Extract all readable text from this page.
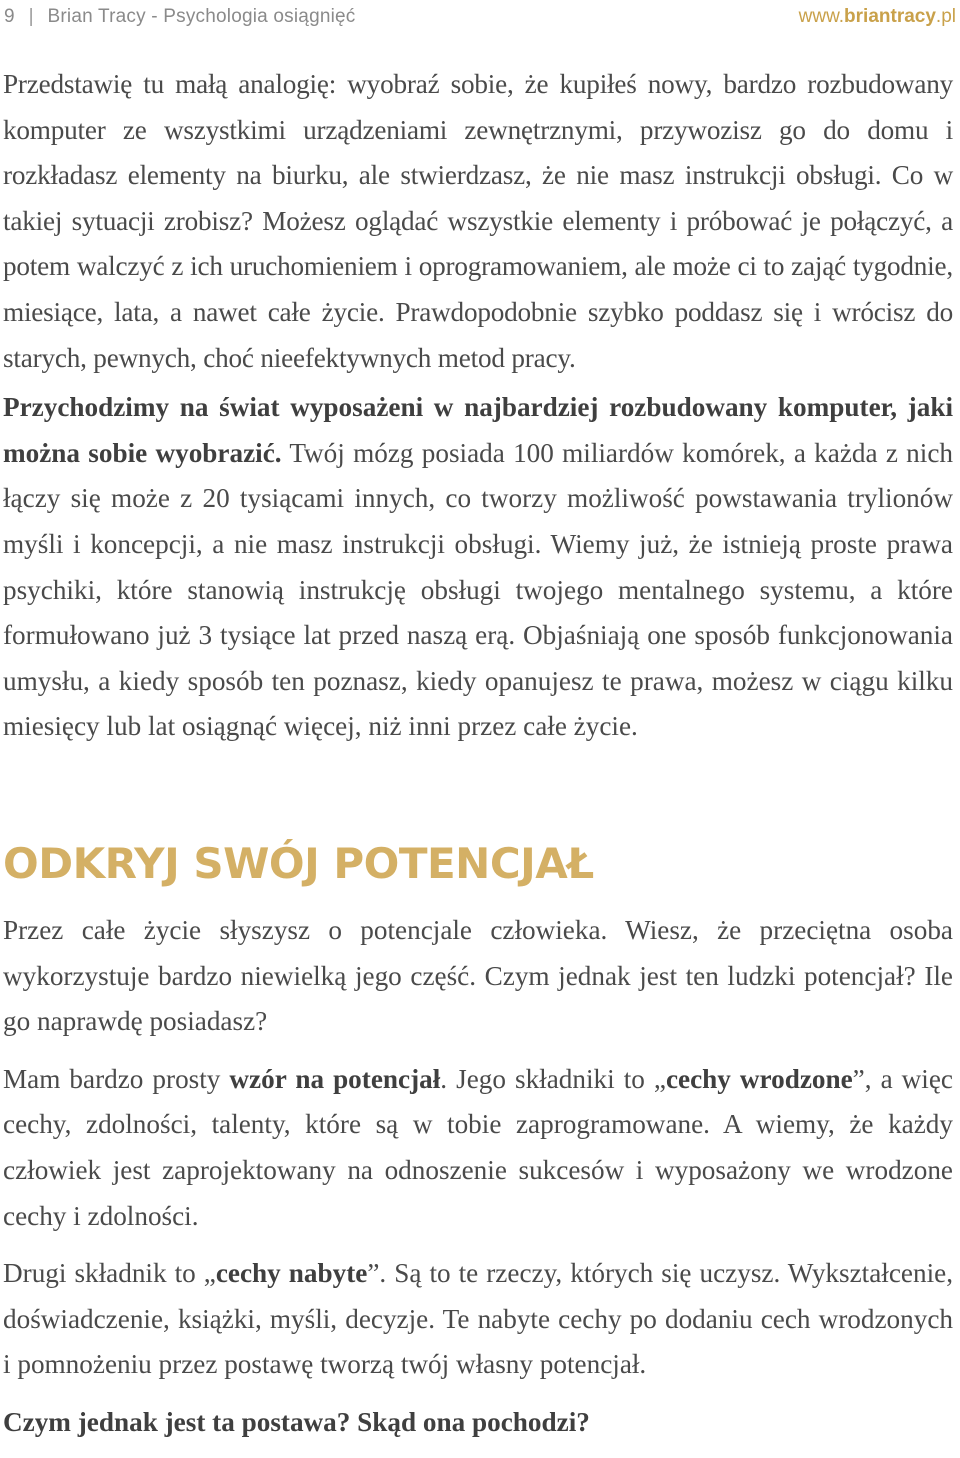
9 | Brian Tracy - Psychologia osiągnięć	www.briantracy.pl

Przedstawię tu małą analogię: wyobraź sobie, że kupiłeś nowy, bardzo rozbudowany komputer ze wszystkimi urządzeniami zewnętrznymi, przywozisz go do domu i rozkładasz elementy na biurku, ale stwierdzasz, że nie masz instrukcji obsługi. Co w takiej sytuacji zrobisz? Możesz oglądać wszystkie elementy i próbować je połączyć, a potem walczyć z ich uruchomieniem i oprogramowaniem, ale może ci to zająć tygodnie, miesiące, lata, a nawet całe życie. Prawdopodobnie szybko poddasz się i wrócisz do starych, pewnych, choć nieefektywnych metod pracy.

Przychodzimy na świat wyposażeni w najbardziej rozbudowany komputer, jaki można sobie wyobrazić. Twój mózg posiada 100 miliardów komórek, a każda z nich łączy się może z 20 tysiącami innych, co tworzy możliwość powstawania trylionów myśli i koncepcji, a nie masz instrukcji obsługi. Wiemy już, że istnieją proste prawa psychiki, które stanowią instrukcję obsługi twojego mentalnego systemu, a które formułowano już 3 tysiące lat przed naszą erą. Objaśniają one sposób funkcjonowania umysłu, a kiedy sposób ten poznasz, kiedy opanujesz te prawa, możesz w ciągu kilku miesięcy lub lat osiągnąć więcej, niż inni przez całe życie.

ODKRYJ SWÓJ POTENCJAŁ

Przez całe życie słyszysz o potencjale człowieka. Wiesz, że przeciętna osoba wykorzystuje bardzo niewielką jego część. Czym jednak jest ten ludzki potencjał? Ile go naprawdę posiadasz?

Mam bardzo prosty wzór na potencjał. Jego składniki to „cechy wrodzone”, a więc cechy, zdolności, talenty, które są w tobie zaprogramowane. A wiemy, że każdy człowiek jest zaprojektowany na odnoszenie sukcesów i wyposażony we wrodzone cechy i zdolności.

Drugi składnik to „cechy nabyte”. Są to te rzeczy, których się uczysz. Wykształcenie, doświadczenie, książki, myśli, decyzje. Te nabyte cechy po dodaniu cech wrodzonych i pomnożeniu przez postawę tworzą twój własny potencjał.

Czym jednak jest ta postawa? Skąd ona pochodzi?
